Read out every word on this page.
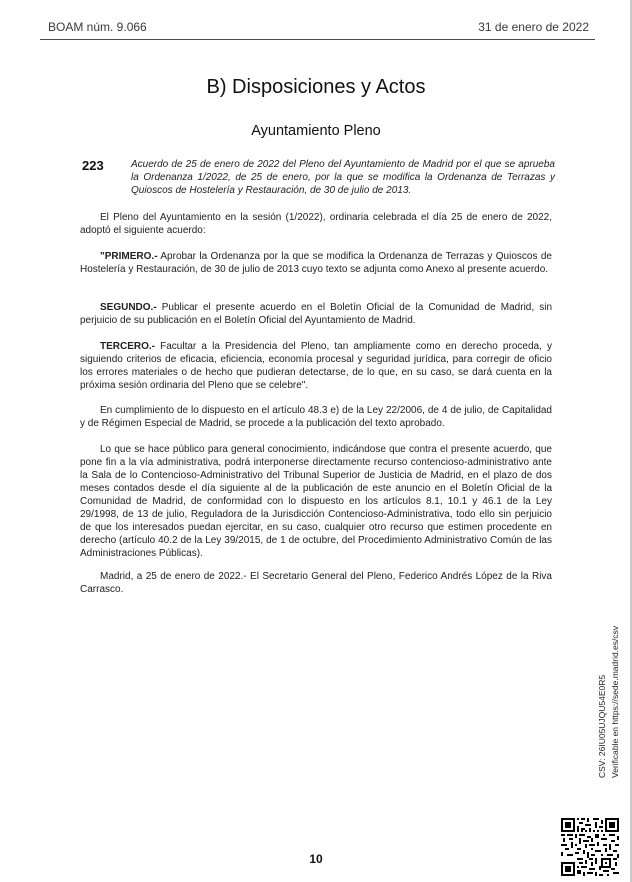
BOAM núm. 9.066	31 de enero de 2022
B) Disposiciones y Actos
Ayuntamiento Pleno
223	Acuerdo de 25 de enero de 2022 del Pleno del Ayuntamiento de Madrid por el que se aprueba la Ordenanza 1/2022, de 25 de enero, por la que se modifica la Ordenanza de Terrazas y Quioscos de Hostelería y Restauración, de 30 de julio de 2013.

El Pleno del Ayuntamiento en la sesión (1/2022), ordinaria celebrada el día 25 de enero de 2022, adoptó el siguiente acuerdo:

"PRIMERO.- Aprobar la Ordenanza por la que se modifica la Ordenanza de Terrazas y Quioscos de Hostelería y Restauración, de 30 de julio de 2013 cuyo texto se adjunta como Anexo al presente acuerdo.

SEGUNDO.- Publicar el presente acuerdo en el Boletín Oficial de la Comunidad de Madrid, sin perjuicio de su publicación en el Boletín Oficial del Ayuntamiento de Madrid.

TERCERO.- Facultar a la Presidencia del Pleno, tan ampliamente como en derecho proceda, y siguiendo criterios de eficacia, eficiencia, economía procesal y seguridad jurídica, para corregir de oficio los errores materiales o de hecho que pudieran detectarse, de lo que, en su caso, se dará cuenta en la próxima sesión ordinaria del Pleno que se celebre".

En cumplimiento de lo dispuesto en el artículo 48.3 e) de la Ley 22/2006, de 4 de julio, de Capitalidad y de Régimen Especial de Madrid, se procede a la publicación del texto aprobado.

Lo que se hace público para general conocimiento, indicándose que contra el presente acuerdo, que pone fin a la vía administrativa, podrá interponerse directamente recurso contencioso-administrativo ante la Sala de lo Contencioso-Administrativo del Tribunal Superior de Justicia de Madrid, en el plazo de dos meses contados desde el día siguiente al de la publicación de este anuncio en el Boletín Oficial de la Comunidad de Madrid, de conformidad con lo dispuesto en los artículos 8.1, 10.1 y 46.1 de la Ley 29/1998, de 13 de julio, Reguladora de la Jurisdicción Contencioso-Administrativa, todo ello sin perjuicio de que los interesados puedan ejercitar, en su caso, cualquier otro recurso que estimen procedente en derecho (artículo 40.2 de la Ley 39/2015, de 1 de octubre, del Procedimiento Administrativo Común de las Administraciones Públicas).

Madrid, a 25 de enero de 2022.- El Secretario General del Pleno, Federico Andrés López de la Riva Carrasco.

CSV: 26IU05UJQU54E0R5 Verificable en https://sede.madrid.es/csv
10
